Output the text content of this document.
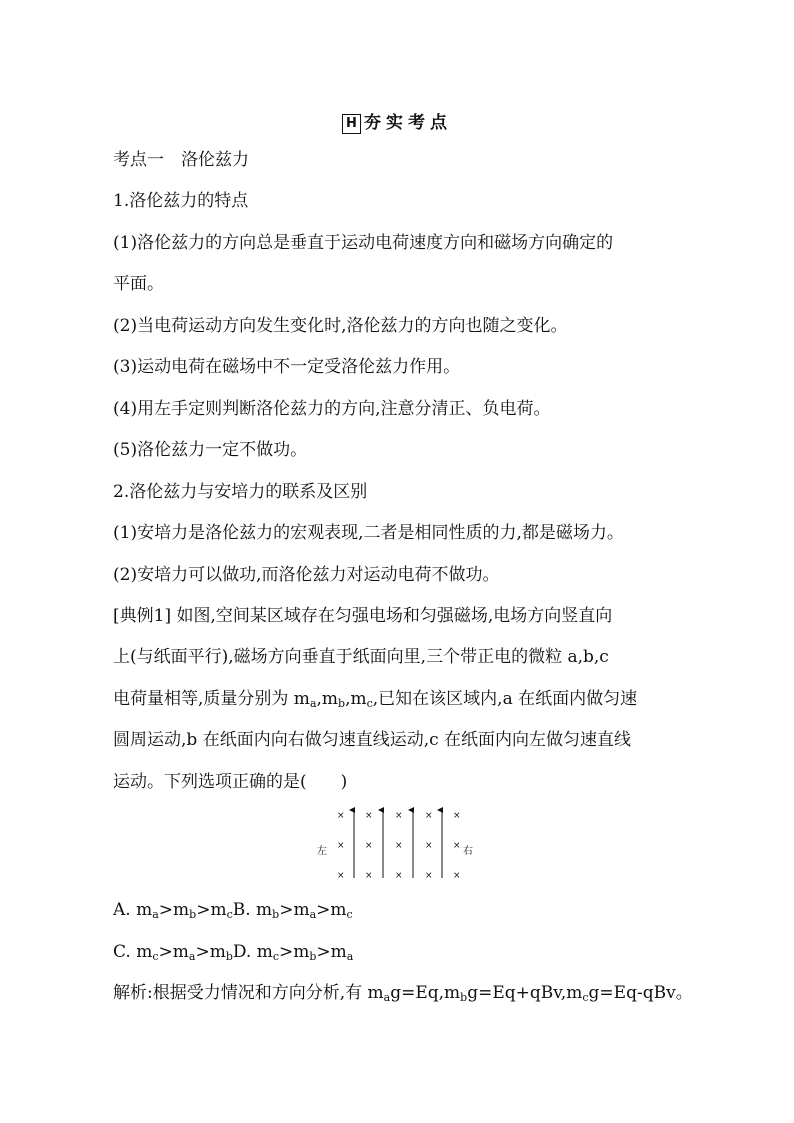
H 夯实考点
考点一　洛伦兹力
1.洛伦兹力的特点
(1)洛伦兹力的方向总是垂直于运动电荷速度方向和磁场方向确定的
平面。
(2)当电荷运动方向发生变化时,洛伦兹力的方向也随之变化。
(3)运动电荷在磁场中不一定受洛伦兹力作用。
(4)用左手定则判断洛伦兹力的方向,注意分清正、负电荷。
(5)洛伦兹力一定不做功。
2.洛伦兹力与安培力的联系及区别
(1)安培力是洛伦兹力的宏观表现,二者是相同性质的力,都是磁场力。
(2)安培力可以做功,而洛伦兹力对运动电荷不做功。
[典例1] 如图,空间某区域存在匀强电场和匀强磁场,电场方向竖直向
上(与纸面平行),磁场方向垂直于纸面向里,三个带正电的微粒 a,b,c
电荷量相等,质量分别为 $m_a,m_b,m_c$,已知在该区域内,a 在纸面内做匀速
圆周运动,b 在纸面内向右做匀速直线运动,c 在纸面内向左做匀速直线
运动。下列选项正确的是(　　)
左	右
× × × × ×
× × × × ×
× × × × ×
A. $m_a>m_b>m_cB$. $m_b>m_a>m_c$
C. $m_c>m_a>m_bD$. $m_c>m_b>m_a$
解析:根据受力情况和方向分析,有 $m_ag=Eq,m_bg=Eq+qBv,m_cg=Eq$-qBv。
